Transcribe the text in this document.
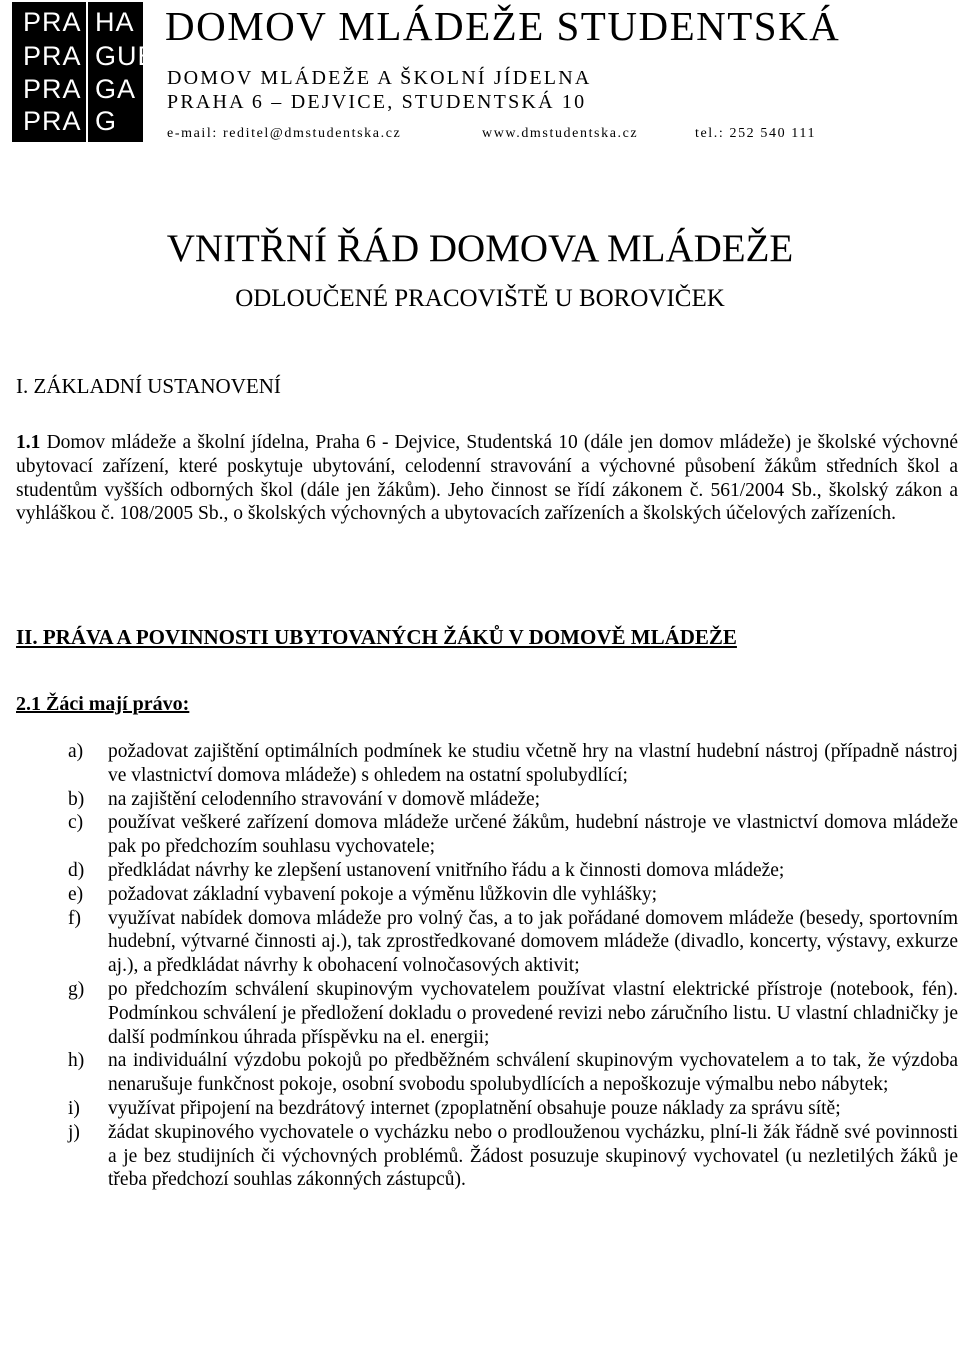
PRA HA
PRA GUE
PRA GA
PRA G
DOMOV MLÁDEŽE STUDENTSKÁ
DOMOV MLÁDEŽE A ŠKOLNÍ JÍDELNA
PRAHA 6 – DEJVICE, STUDENTSKÁ 10
e-mail: reditel@dmstudentska.cz	www.dmstudentska.cz	tel.: 252 540 111
VNITŘNÍ ŘÁD DOMOVA MLÁDEŽE
ODLOUČENÉ PRACOVIŠTĚ U BOROVIČEK
I. ZÁKLADNÍ USTANOVENÍ

1.1 Domov mládeže a školní jídelna, Praha 6 - Dejvice, Studentská 10 (dále jen domov mládeže) je školské výchovné ubytovací zařízení, které poskytuje ubytování, celodenní stravování a výchovné působení žákům středních škol a studentům vyšších odborných škol (dále jen žákům). Jeho činnost se řídí zákonem č. 561/2004 Sb., školský zákon a vyhláškou č. 108/2005 Sb., o školských výchovných a ubytovacích zařízeních a školských účelových zařízeních.

II. PRÁVA A POVINNOSTI UBYTOVANÝCH ŽÁKŮ V DOMOVĚ MLÁDEŽE
2.1 Žáci mají právo:
a)	požadovat zajištění optimálních podmínek ke studiu včetně hry na vlastní hudební nástroj (případně nástroj ve vlastnictví domova mládeže) s ohledem na ostatní spolubydlící;
b)	na zajištění celodenního stravování v domově mládeže;
c)	používat veškeré zařízení domova mládeže určené žákům, hudební nástroje ve vlastnictví domova mládeže pak po předchozím souhlasu vychovatele;
d)	předkládat návrhy ke zlepšení ustanovení vnitřního řádu a k činnosti domova mládeže;
e)	požadovat základní vybavení pokoje a výměnu lůžkovin dle vyhlášky;
f)	využívat nabídek domova mládeže pro volný čas, a to jak pořádané domovem mládeže (besedy, sportovním hudební, výtvarné činnosti aj.), tak zprostředkované domovem mládeže (divadlo, koncerty, výstavy, exkurze aj.), a předkládat návrhy k obohacení volnočasových aktivit;
g)	po předchozím schválení skupinovým vychovatelem používat vlastní elektrické přístroje (notebook, fén). Podmínkou schválení je předložení dokladu o provedené revizi nebo záručního listu. U vlastní chladničky je další podmínkou úhrada příspěvku na el. energii;
h)	na individuální výzdobu pokojů po předběžném schválení skupinovým vychovatelem a to tak, že výzdoba nenarušuje funkčnost pokoje, osobní svobodu spolubydlících a nepoškozuje výmalbu nebo nábytek;
i)	využívat připojení na bezdrátový internet (zpoplatnění obsahuje pouze náklady za správu sítě;
j)	žádat skupinového vychovatele o vycházku nebo o prodlouženou vycházku, plní-li žák řádně své povinnosti a je bez studijních či výchovných problémů. Žádost posuzuje skupinový vychovatel (u nezletilých žáků je třeba předchozí souhlas zákonných zástupců).
